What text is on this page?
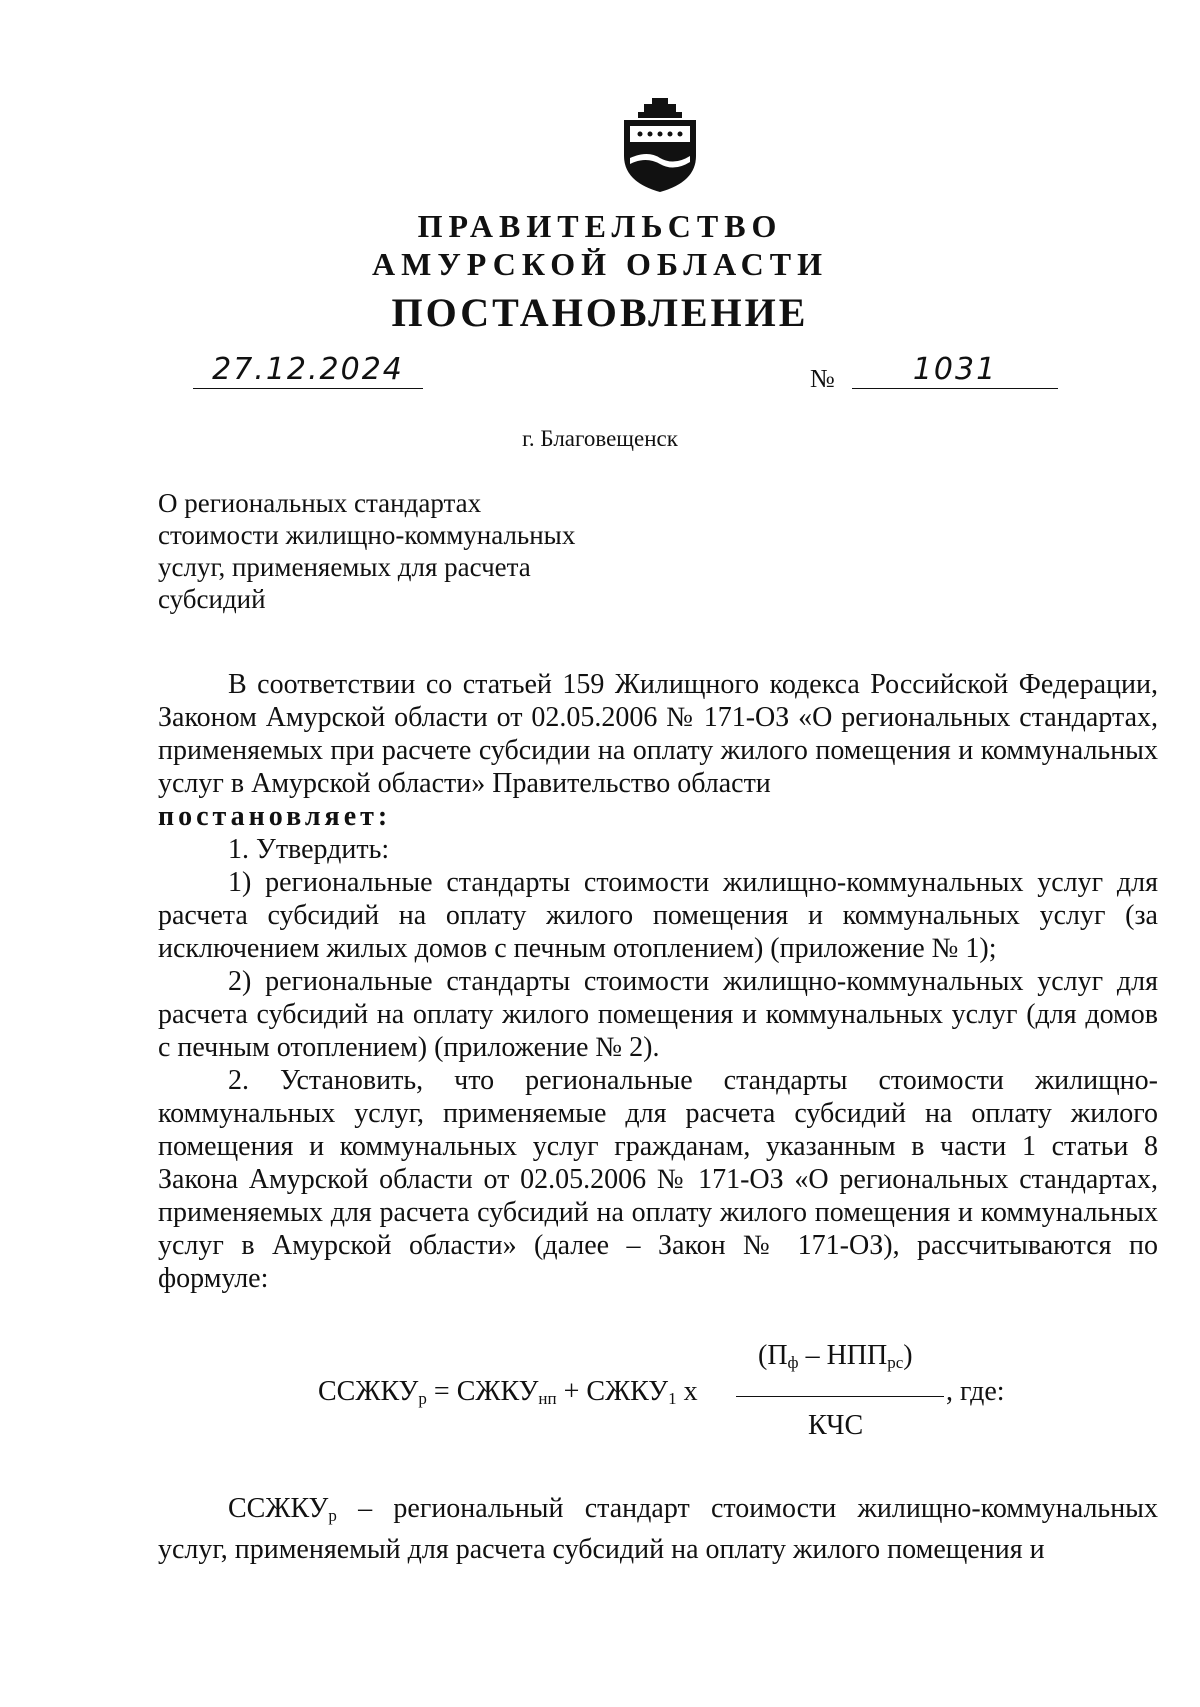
ПРАВИТЕЛЬСТВО
АМУРСКОЙ ОБЛАСТИ
ПОСТАНОВЛЕНИЕ
27.12.2024	№	1031
г. Благовещенск
О региональных стандартах
стоимости жилищно-коммунальных
услуг, применяемых для расчета
субсидий

В соответствии со статьей 159 Жилищного кодекса Российской Федерации, Законом Амурской области от 02.05.2006 № 171-ОЗ «О региональных стандартах, применяемых при расчете субсидии на оплату жилого помещения и коммунальных услуг в Амурской области» Правительство области

постановляет:

1. Утвердить:

1) региональные стандарты стоимости жилищно-коммунальных услуг для расчета субсидий на оплату жилого помещения и коммунальных услуг (за исключением жилых домов с печным отоплением) (приложение № 1);

2) региональные стандарты стоимости жилищно-коммунальных услуг для расчета субсидий на оплату жилого помещения и коммунальных услуг (для домов с печным отоплением) (приложение № 2).

2. Установить, что региональные стандарты стоимости жилищно-коммунальных услуг, применяемые для расчета субсидий на оплату жилого помещения и коммунальных услуг гражданам, указанным в части 1 статьи 8 Закона Амурской области от 02.05.2006 № 171-ОЗ «О региональных стандартах, применяемых для расчета субсидий на оплату жилого помещения и коммунальных услуг в Амурской области» (далее – Закон № 171-ОЗ), рассчитываются по формуле:

$ССЖКУ_р$ = $СЖКУ_{нп}$ + $СЖКУ_1$ х
$(П_ф - НПП_{рс})$
КЧС
, где:

$ССЖКУ_р$ – региональный стандарт стоимости жилищно-коммунальных услуг, применяемый для расчета субсидий на оплату жилого помещения и
